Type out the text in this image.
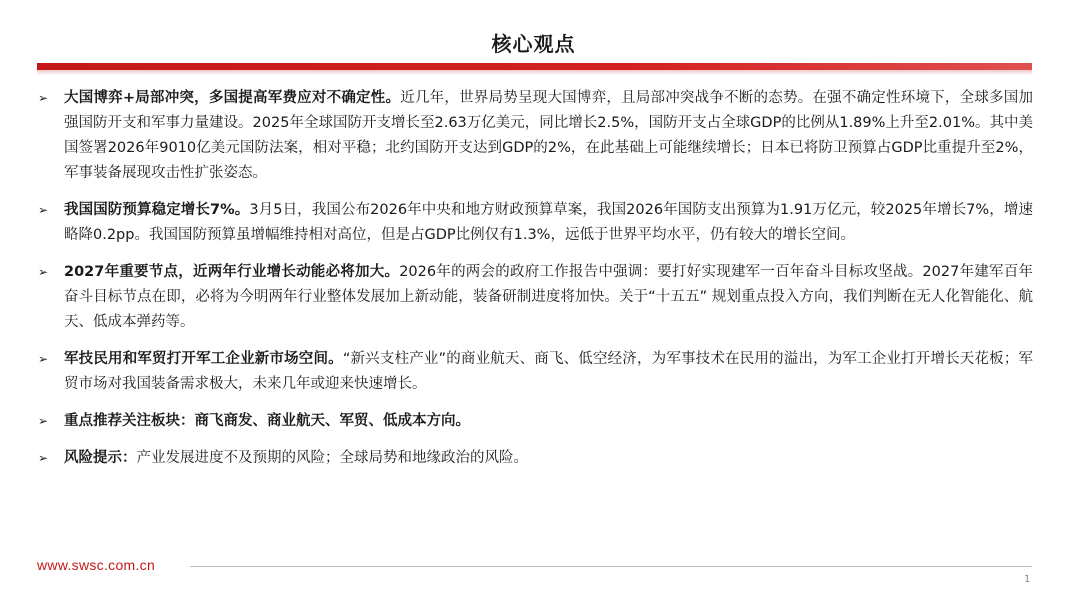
核心观点
➢	大国博弈+局部冲突，多国提高军费应对不确定性。近几年，世界局势呈现大国博弈，且局部冲突战争不断的态势。在强不确定性环境下，全球多国加强国防开支和军事力量建设。2025年全球国防开支增长至2.63万亿美元，同比增长2.5%，国防开支占全球GDP的比例从1.89%上升至2.01%。其中美国签署2026年9010亿美元国防法案，相对平稳；北约国防开支达到GDP的2%，在此基础上可能继续增长；日本已将防卫预算占GDP比重提升至2%，军事装备展现攻击性扩张姿态。
➢	我国国防预算稳定增长7%。3月5日，我国公布2026年中央和地方财政预算草案，我国2026年国防支出预算为1.91万亿元，较2025年增长7%，增速略降0.2pp。我国国防预算虽增幅维持相对高位，但是占GDP比例仅有1.3%，远低于世界平均水平，仍有较大的增长空间。
➢	2027年重要节点，近两年行业增长动能必将加大。2026年的两会的政府工作报告中强调：要打好实现建军一百年奋斗目标攻坚战。2027年建军百年奋斗目标节点在即，必将为今明两年行业整体发展加上新动能，装备研制进度将加快。关于“十五五” 规划重点投入方向，我们判断在无人化智能化、航天、低成本弹药等。
➢	军技民用和军贸打开军工企业新市场空间。“新兴支柱产业”的商业航天、商飞、低空经济，为军事技术在民用的溢出，为军工企业打开增长天花板；军贸市场对我国装备需求极大，未来几年或迎来快速增长。
➢	重点推荐关注板块：商飞商发、商业航天、军贸、低成本方向。
➢	风险提示：产业发展进度不及预期的风险；全球局势和地缘政治的风险。
www.swsc.com.cn
1
